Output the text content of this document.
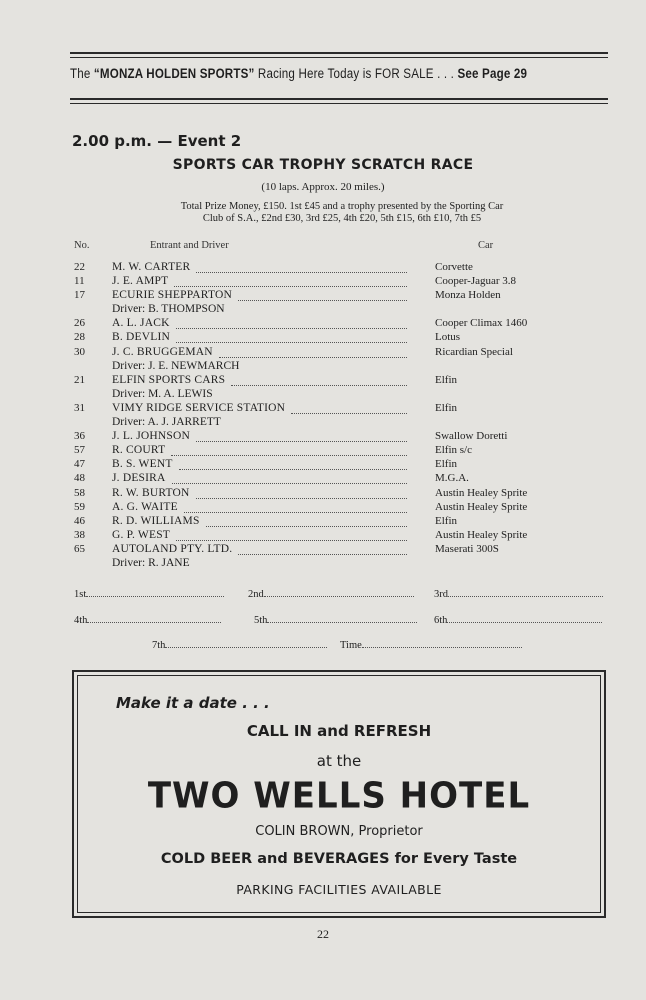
The “MONZA HOLDEN SPORTS” Racing Here Today is FOR SALE . . . See Page 29
2.00 p.m. — Event 2
SPORTS CAR TROPHY SCRATCH RACE
(10 laps. Approx. 20 miles.)
Total Prize Money, £150. 1st £45 and a trophy presented by the Sporting Car
Club of S.A., £2nd £30, 3rd £25, 4th £20, 5th £15, 6th £10, 7th £5
No.	Entrant and Driver	Car
22	M. W. CARTER	Corvette
11	J. E. AMPT	Cooper-Jaguar 3.8
17	ECURIE SHEPPARTON	Monza Holden
Driver: B. THOMPSON
26	A. L. JACK	Cooper Climax 1460
28	B. DEVLIN	Lotus
30	J. C. BRUGGEMAN	Ricardian Special
Driver: J. E. NEWMARCH
21	ELFIN SPORTS CARS	Elfin
Driver: M. A. LEWIS
31	VIMY RIDGE SERVICE STATION	Elfin
Driver: A. J. JARRETT
36	J. L. JOHNSON	Swallow Doretti
57	R. COURT	Elfin s/c
47	B. S. WENT	Elfin
48	J. DESIRA	M.G.A.
58	R. W. BURTON	Austin Healey Sprite
59	A. G. WAITE	Austin Healey Sprite
46	R. D. WILLIAMS	Elfin
38	G. P. WEST	Austin Healey Sprite
65	AUTOLAND PTY. LTD.	Maserati 300S
Driver: R. JANE
1st	2nd	3rd
4th	5th	6th
7th	Time
Make it a date . . .
CALL IN and REFRESH
at the
TWO WELLS HOTEL
COLIN BROWN, Proprietor
COLD BEER and BEVERAGES for Every Taste
PARKING FACILITIES AVAILABLE
22
